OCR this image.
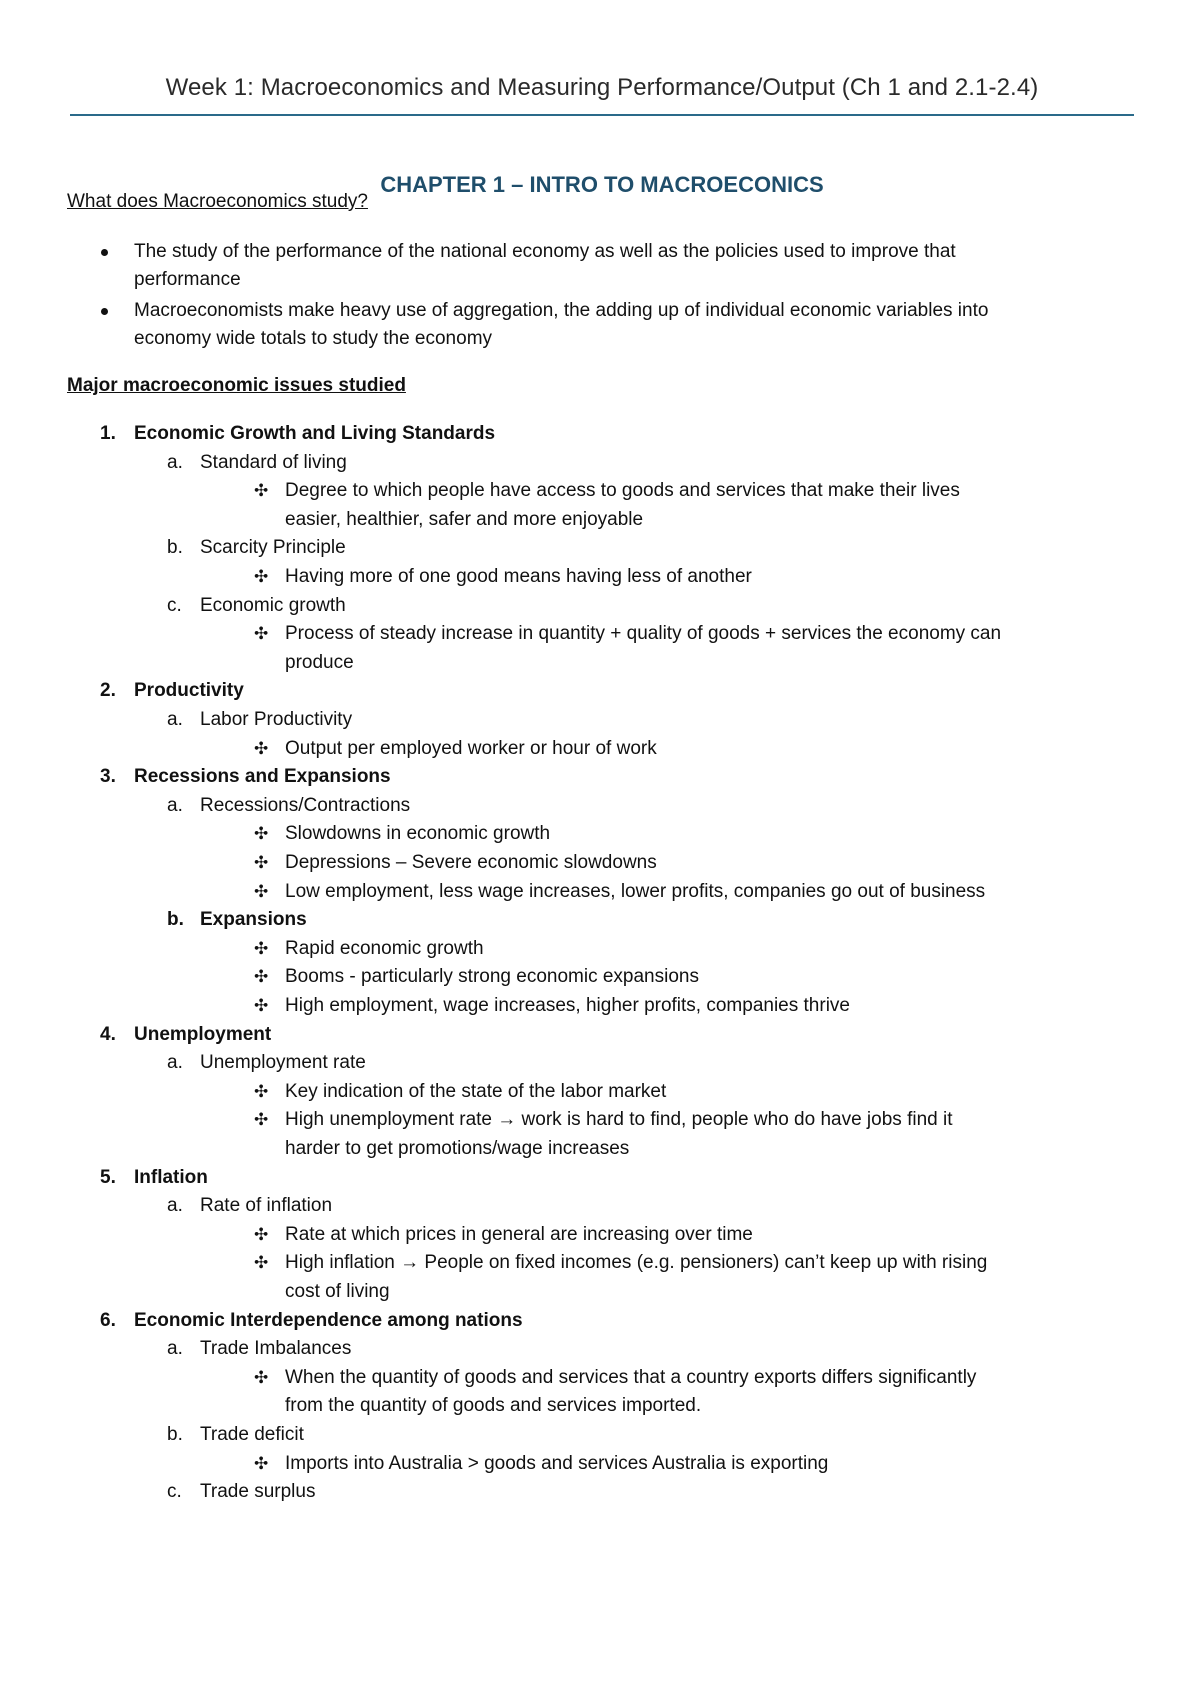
Week 1: Macroeconomics and Measuring Performance/Output (Ch 1 and 2.1-2.4)
CHAPTER 1 – INTRO TO MACROECONICS
What does Macroeconomics study?
The study of the performance of the national economy as well as the policies used to improve that
performance
Macroeconomists make heavy use of aggregation, the adding up of individual economic variables into
economy wide totals to study the economy
Major macroeconomic issues studied
1. Economic Growth and Living Standards
a. Standard of living
✣ Degree to which people have access to goods and services that make their lives
easier, healthier, safer and more enjoyable
b. Scarcity Principle
✣ Having more of one good means having less of another
c. Economic growth
✣ Process of steady increase in quantity + quality of goods + services the economy can
produce
2. Productivity
a. Labor Productivity
✣ Output per employed worker or hour of work
3. Recessions and Expansions
a. Recessions/Contractions
✣ Slowdowns in economic growth
✣ Depressions – Severe economic slowdowns
✣ Low employment, less wage increases, lower profits, companies go out of business
b. Expansions
✣ Rapid economic growth
✣ Booms - particularly strong economic expansions
✣ High employment, wage increases, higher profits, companies thrive
4. Unemployment
a. Unemployment rate
✣ Key indication of the state of the labor market
✣ High unemployment rate → work is hard to find, people who do have jobs find it
harder to get promotions/wage increases
5. Inflation
a. Rate of inflation
✣ Rate at which prices in general are increasing over time
✣ High inflation → People on fixed incomes (e.g. pensioners) can’t keep up with rising
cost of living
6. Economic Interdependence among nations
a. Trade Imbalances
✣ When the quantity of goods and services that a country exports differs significantly
from the quantity of goods and services imported.
b. Trade deficit
✣ Imports into Australia > goods and services Australia is exporting
c. Trade surplus
